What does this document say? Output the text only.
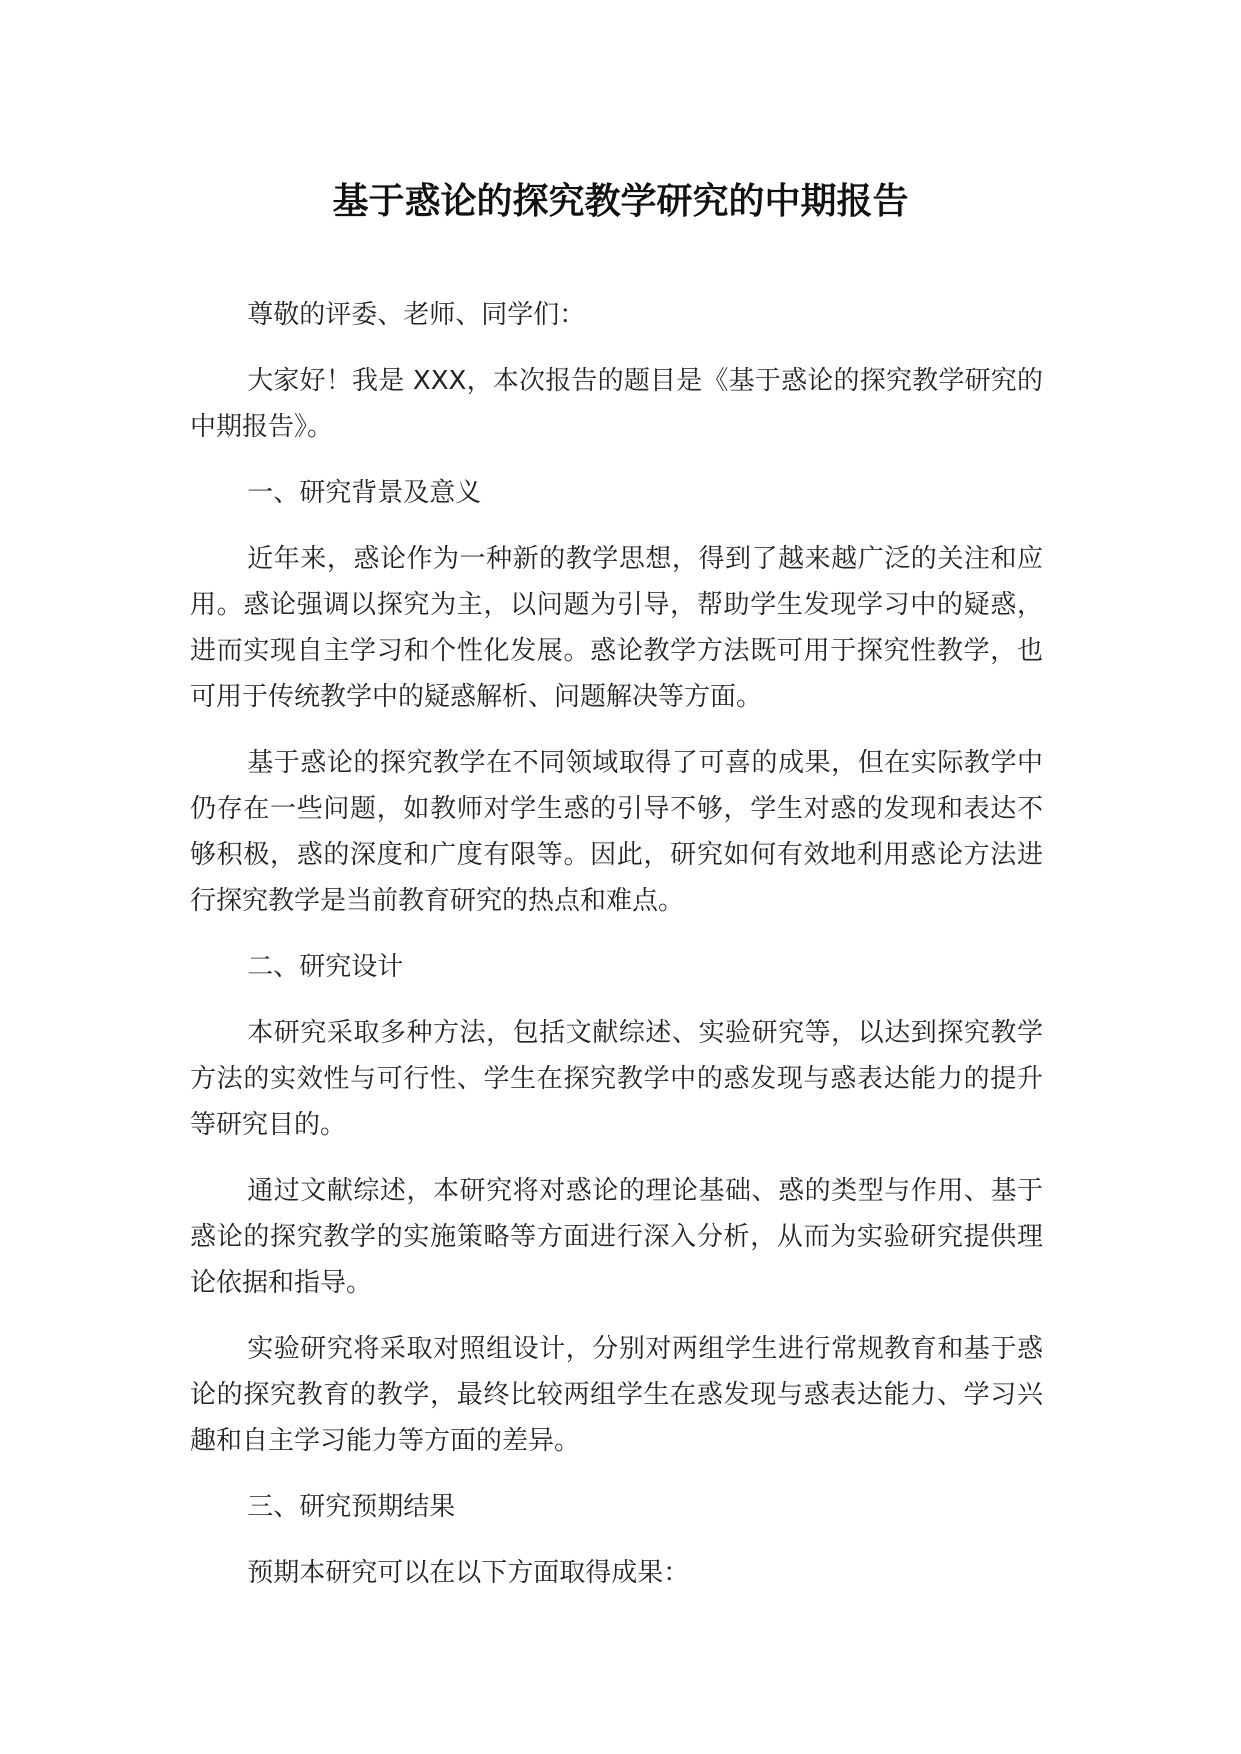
基于惑论的探究教学研究的中期报告

尊敬的评委、老师、同学们：

大家好！我是 XXX，本次报告的题目是《基于惑论的探究教学研究的中期报告》。

一、研究背景及意义

近年来，惑论作为一种新的教学思想，得到了越来越广泛的关注和应用。惑论强调以探究为主，以问题为引导，帮助学生发现学习中的疑惑，进而实现自主学习和个性化发展。惑论教学方法既可用于探究性教学，也可用于传统教学中的疑惑解析、问题解决等方面。

基于惑论的探究教学在不同领域取得了可喜的成果，但在实际教学中仍存在一些问题，如教师对学生惑的引导不够，学生对惑的发现和表达不够积极，惑的深度和广度有限等。因此，研究如何有效地利用惑论方法进行探究教学是当前教育研究的热点和难点。

二、研究设计

本研究采取多种方法，包括文献综述、实验研究等，以达到探究教学方法的实效性与可行性、学生在探究教学中的惑发现与惑表达能力的提升等研究目的。

通过文献综述，本研究将对惑论的理论基础、惑的类型与作用、基于惑论的探究教学的实施策略等方面进行深入分析，从而为实验研究提供理论依据和指导。

实验研究将采取对照组设计，分别对两组学生进行常规教育和基于惑论的探究教育的教学，最终比较两组学生在惑发现与惑表达能力、学习兴趣和自主学习能力等方面的差异。

三、研究预期结果

预期本研究可以在以下方面取得成果：
